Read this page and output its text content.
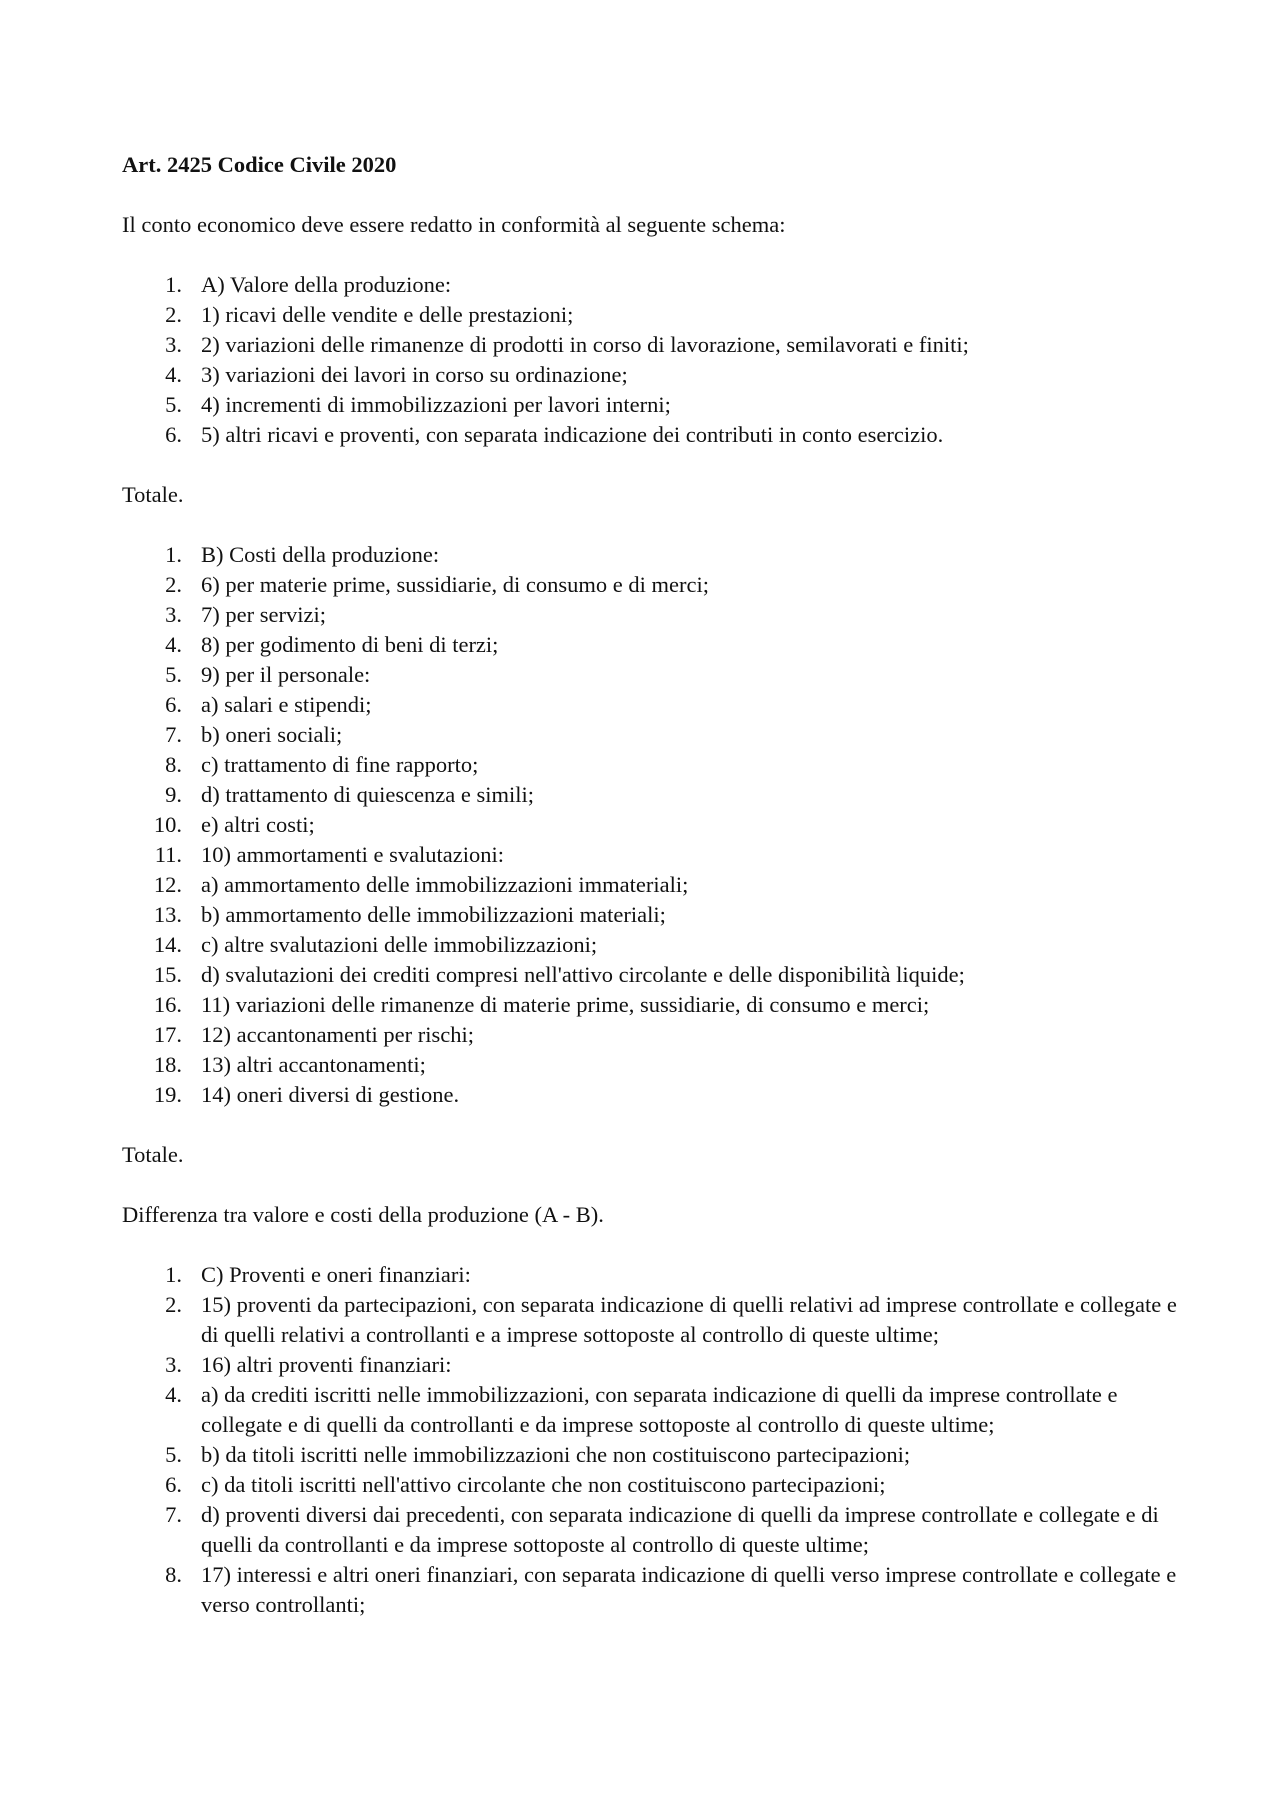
Art. 2425 Codice Civile 2020

Il conto economico deve essere redatto in conformità al seguente schema:

1. A) Valore della produzione:
2. 1) ricavi delle vendite e delle prestazioni;
3. 2) variazioni delle rimanenze di prodotti in corso di lavorazione, semilavorati e finiti;
4. 3) variazioni dei lavori in corso su ordinazione;
5. 4) incrementi di immobilizzazioni per lavori interni;
6. 5) altri ricavi e proventi, con separata indicazione dei contributi in conto esercizio.

Totale.

1. B) Costi della produzione:
2. 6) per materie prime, sussidiarie, di consumo e di merci;
3. 7) per servizi;
4. 8) per godimento di beni di terzi;
5. 9) per il personale:
6. a) salari e stipendi;
7. b) oneri sociali;
8. c) trattamento di fine rapporto;
9. d) trattamento di quiescenza e simili;
10. e) altri costi;
11. 10) ammortamenti e svalutazioni:
12. a) ammortamento delle immobilizzazioni immateriali;
13. b) ammortamento delle immobilizzazioni materiali;
14. c) altre svalutazioni delle immobilizzazioni;
15. d) svalutazioni dei crediti compresi nell'attivo circolante e delle disponibilità liquide;
16. 11) variazioni delle rimanenze di materie prime, sussidiarie, di consumo e merci;
17. 12) accantonamenti per rischi;
18. 13) altri accantonamenti;
19. 14) oneri diversi di gestione.

Totale.

Differenza tra valore e costi della produzione (A - B).

1. C) Proventi e oneri finanziari:
2. 15) proventi da partecipazioni, con separata indicazione di quelli relativi ad imprese controllate e collegate e di quelli relativi a controllanti e a imprese sottoposte al controllo di queste ultime;
3. 16) altri proventi finanziari:
4. a) da crediti iscritti nelle immobilizzazioni, con separata indicazione di quelli da imprese controllate e collegate e di quelli da controllanti e da imprese sottoposte al controllo di queste ultime;
5. b) da titoli iscritti nelle immobilizzazioni che non costituiscono partecipazioni;
6. c) da titoli iscritti nell'attivo circolante che non costituiscono partecipazioni;
7. d) proventi diversi dai precedenti, con separata indicazione di quelli da imprese controllate e collegate e di quelli da controllanti e da imprese sottoposte al controllo di queste ultime;
8. 17) interessi e altri oneri finanziari, con separata indicazione di quelli verso imprese controllate e collegate e verso controllanti;
